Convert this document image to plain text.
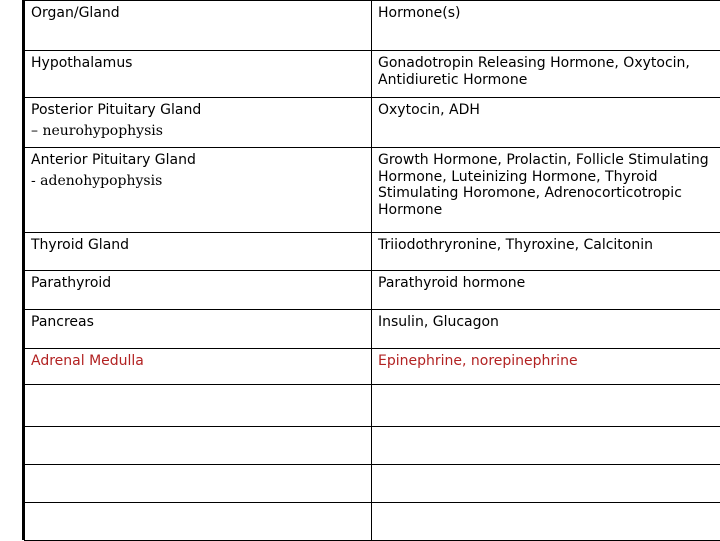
Organ/Gland	Hormone(s)
Hypothalamus	Gonadotropin Releasing Hormone, Oxytocin, Antidiuretic Hormone
Posterior Pituitary Gland
– neurohypophysis	Oxytocin, ADH
Anterior Pituitary Gland
- adenohypophysis	Growth Hormone, Prolactin, Follicle Stimulating Hormone, Luteinizing Hormone, Thyroid Stimulating Horomone, Adrenocorticotropic Hormone
Thyroid Gland	Triiodothryronine, Thyroxine, Calcitonin
Parathyroid	Parathyroid hormone
Pancreas	Insulin, Glucagon
Adrenal Medulla	Epinephrine, norepinephrine
